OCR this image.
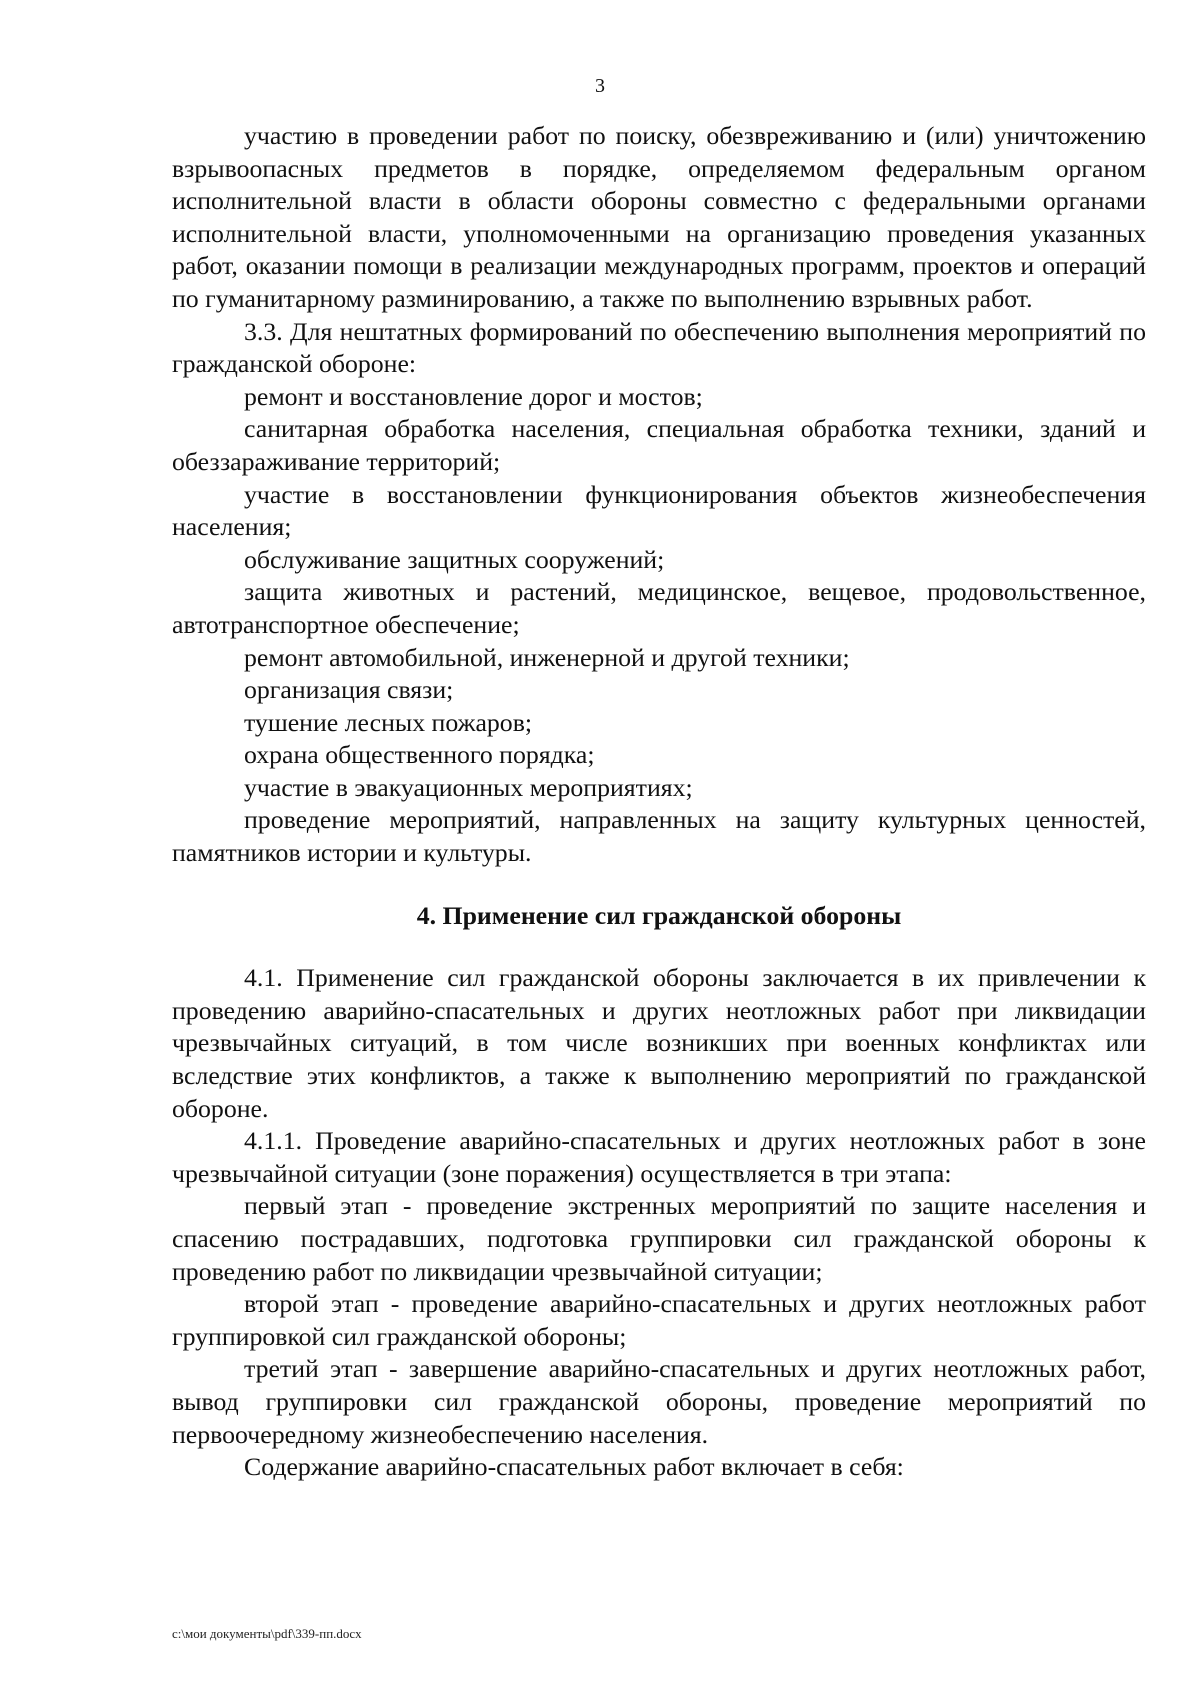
3

участию в проведении работ по поиску, обезвреживанию и (или) уничтожению взрывоопасных предметов в порядке, определяемом федеральным органом исполнительной власти в области обороны совместно с федеральными органами исполнительной власти, уполномоченными на организацию проведения указанных работ, оказании помощи в реализации международных программ, проектов и операций по гуманитарному разминированию, а также по выполнению взрывных работ.

3.3. Для нештатных формирований по обеспечению выполнения мероприятий по гражданской обороне:

ремонт и восстановление дорог и мостов;

санитарная обработка населения, специальная обработка техники, зданий и обеззараживание территорий;

участие в восстановлении функционирования объектов жизнеобеспечения населения;

обслуживание защитных сооружений;

защита животных и растений, медицинское, вещевое, продовольственное, автотранспортное обеспечение;

ремонт автомобильной, инженерной и другой техники;

организация связи;

тушение лесных пожаров;

охрана общественного порядка;

участие в эвакуационных мероприятиях;

проведение мероприятий, направленных на защиту культурных ценностей, памятников истории и культуры.

4. Применение сил гражданской обороны

4.1. Применение сил гражданской обороны заключается в их привлечении к проведению аварийно-спасательных и других неотложных работ при ликвидации чрезвычайных ситуаций, в том числе возникших при военных конфликтах или вследствие этих конфликтов, а также к выполнению мероприятий по гражданской обороне.

4.1.1. Проведение аварийно-спасательных и других неотложных работ в зоне чрезвычайной ситуации (зоне поражения) осуществляется в три этапа:

первый этап - проведение экстренных мероприятий по защите населения и спасению пострадавших, подготовка группировки сил гражданской обороны к проведению работ по ликвидации чрезвычайной ситуации;

второй этап - проведение аварийно-спасательных и других неотложных работ группировкой сил гражданской обороны;

третий этап - завершение аварийно-спасательных и других неотложных работ, вывод группировки сил гражданской обороны, проведение мероприятий по первоочередному жизнеобеспечению населения.

Содержание аварийно-спасательных работ включает в себя:

c:\мои документы\pdf\339-пп.docx
